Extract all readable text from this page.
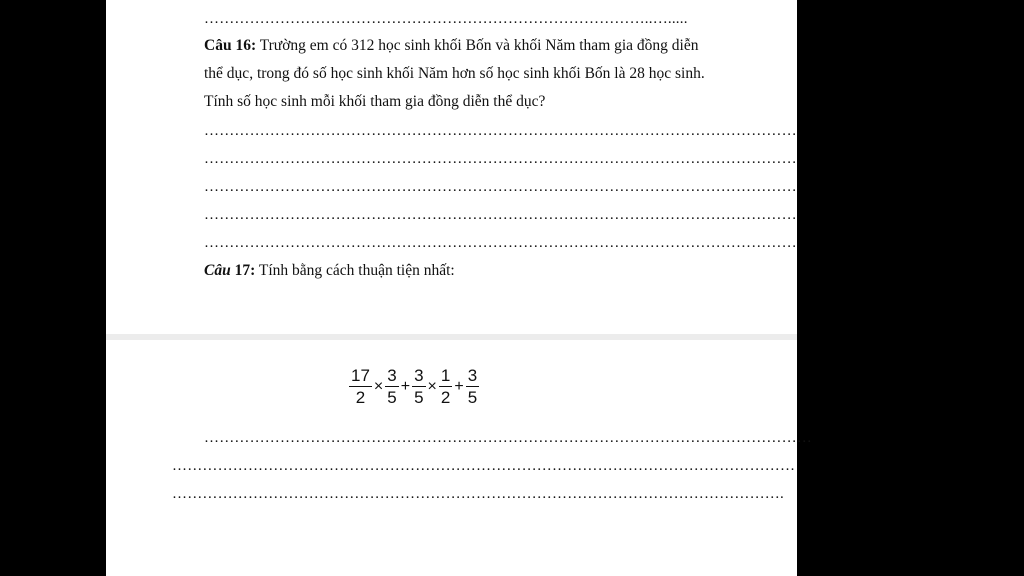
……………………………………………………………………………..….....
Câu 16: Trường em có 312 học sinh khối Bốn và khối Năm tham gia đồng diễn
thể dục, trong đó số học sinh khối Năm hơn số học sinh khối Bốn là 28 học sinh.
Tính số học sinh mỗi khối tham gia đồng diễn thể dục?
………………………………………………………………………………………………………
………………………………………………………………………………………………………
………………………………………………………………………………………………………
………………………………………………………………………………………………………
………………………………………………………………………………………………………
Câu 17: Tính bằng cách thuận tiện nhất:
$\frac{17}{2} \times \frac{3}{5} + \frac{3}{5} \times \frac{1}{2} + \frac{3}{5}$
…………………………………………………………………………………………………………
……………………………………………………………………………………………………………
………………………………………………………………………………………………………….
